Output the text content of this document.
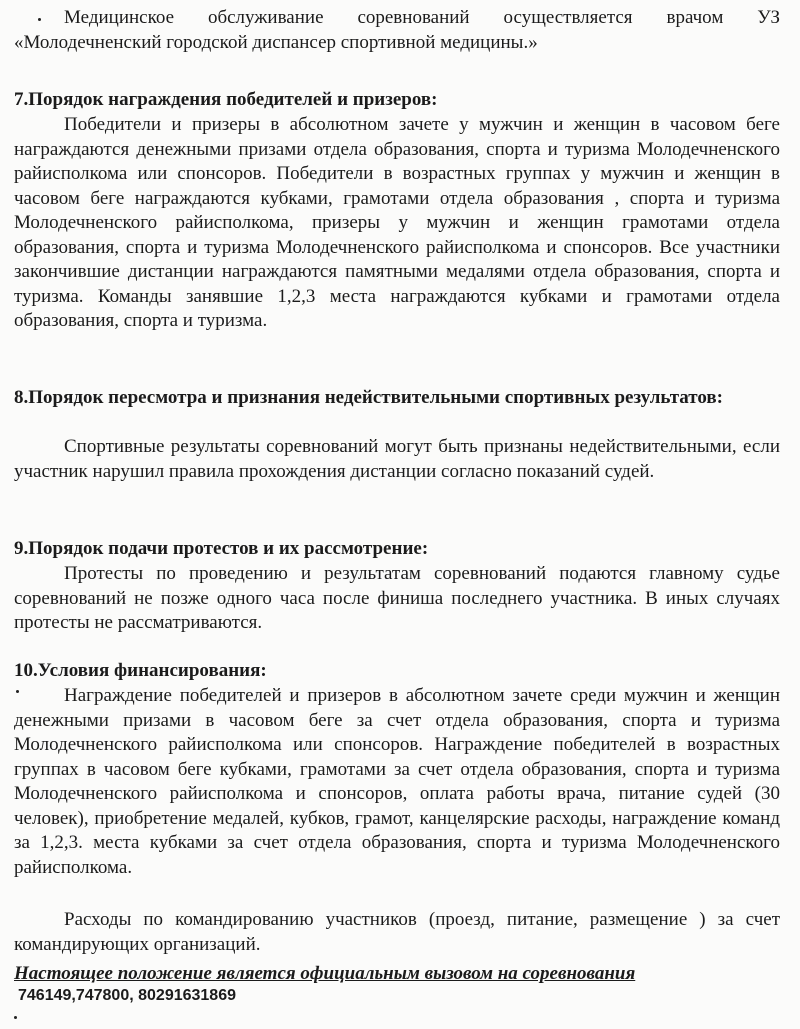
Медицинское обслуживание соревнований осуществляется врачом УЗ «Молодечненский городской диспансер спортивной медицины.»

7.Порядок награждения победителей и призеров:

Победители и призеры в абсолютном зачете у мужчин и женщин в часовом беге награждаются денежными призами отдела образования, спорта и туризма Молодечненского райисполкома или спонсоров. Победители в возрастных группах у мужчин и женщин в часовом беге награждаются кубками, грамотами отдела образования , спорта и туризма Молодечненского райисполкома, призеры у мужчин и женщин грамотами отдела образования, спорта и туризма Молодечненского райисполкома и спонсоров. Все участники закончившие дистанции награждаются памятными медалями отдела образования, спорта и туризма. Команды занявшие 1,2,3 места награждаются кубками и грамотами отдела образования, спорта и туризма.

8.Порядок пересмотра и признания недействительными спортивных результатов:

Спортивные результаты соревнований могут быть признаны недействительными, если участник нарушил правила прохождения дистанции согласно показаний судей.

9.Порядок подачи протестов и их рассмотрение:

Протесты по проведению и результатам соревнований подаются главному судье соревнований не позже одного часа после финиша последнего участника. В иных случаях протесты не рассматриваются.

10.Условия финансирования:

Награждение победителей и призеров в абсолютном зачете среди мужчин и женщин денежными призами в часовом беге за счет отдела образования, спорта и туризма Молодечненского райисполкома или спонсоров. Награждение победителей в возрастных группах в часовом беге кубками, грамотами за счет отдела образования, спорта и туризма Молодечненского райисполкома и спонсоров, оплата работы врача, питание судей (30 человек), приобретение медалей, кубков, грамот, канцелярские расходы, награждение команд за 1,2,3. места кубками за счет отдела образования, спорта и туризма Молодечненского райисполкома.

Расходы по командированию участников (проезд, питание, размещение ) за счет командирующих организаций.

Настоящее положение является официальным вызовом на соревнования

746149,747800, 80291631869
